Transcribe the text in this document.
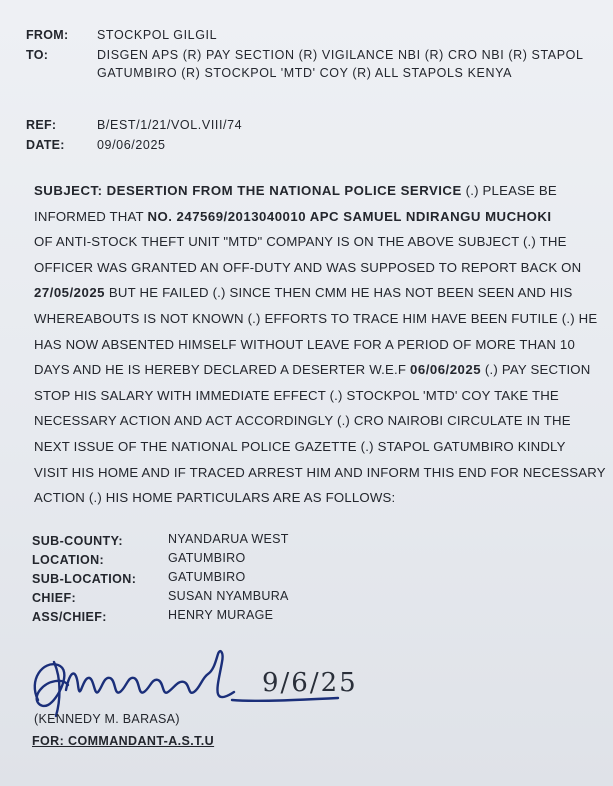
FROM: STOCKPOL GILGIL
TO:	DISGEN APS (R) PAY SECTION (R) VIGILANCE NBI (R) CRO NBI (R) STAPOL
GATUMBIRO (R) STOCKPOL 'MTD' COY (R) ALL STAPOLS KENYA
REF:	B/EST/1/21/VOL.VIII/74
DATE:	09/06/2025
SUBJECT: DESERTION FROM THE NATIONAL POLICE SERVICE (.) PLEASE BE
INFORMED THAT NO. 247569/2013040010 APC SAMUEL NDIRANGU MUCHOKI
OF ANTI-STOCK THEFT UNIT "MTD" COMPANY IS ON THE ABOVE SUBJECT (.) THE
OFFICER WAS GRANTED AN OFF-DUTY AND WAS SUPPOSED TO REPORT BACK ON
27/05/2025 BUT HE FAILED (.) SINCE THEN CMM HE HAS NOT BEEN SEEN AND HIS
WHEREABOUTS IS NOT KNOWN (.) EFFORTS TO TRACE HIM HAVE BEEN FUTILE (.) HE
HAS NOW ABSENTED HIMSELF WITHOUT LEAVE FOR A PERIOD OF MORE THAN 10
DAYS AND HE IS HEREBY DECLARED A DESERTER W.E.F 06/06/2025 (.) PAY SECTION
STOP HIS SALARY WITH IMMEDIATE EFFECT (.) STOCKPOL 'MTD' COY TAKE THE
NECESSARY ACTION AND ACT ACCORDINGLY (.) CRO NAIROBI CIRCULATE IN THE
NEXT ISSUE OF THE NATIONAL POLICE GAZETTE (.) STAPOL GATUMBIRO KINDLY
VISIT HIS HOME AND IF TRACED ARREST HIM AND INFORM THIS END FOR NECESSARY
ACTION (.) HIS HOME PARTICULARS ARE AS FOLLOWS:
SUB-COUNTY:	NYANDARUA WEST
LOCATION:	GATUMBIRO
SUB-LOCATION:	GATUMBIRO
CHIEF:	SUSAN NYAMBURA
ASS/CHIEF:	HENRY MURAGE
9/6/25
(KENNEDY M. BARASA)
FOR: COMMANDANT-A.S.T.U
